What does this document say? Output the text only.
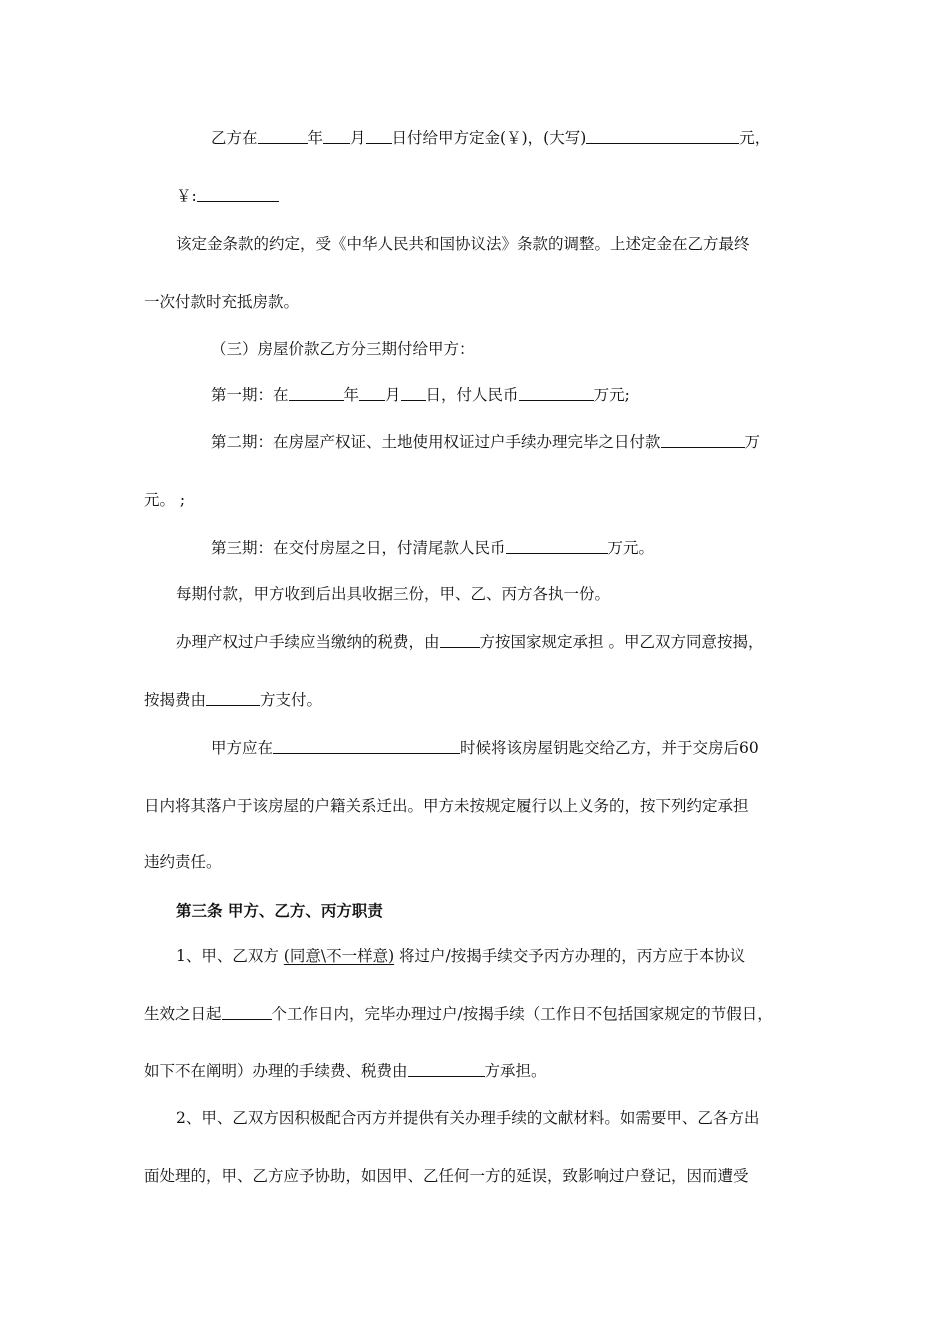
乙方在	年 月 日付给甲方定金(￥)，(大写)	元，
￥:
该定金条款的约定，受《中华人民共和国协议法》条款的调整。上述定金在乙方最终
一次付款时充抵房款。
（三）房屋价款乙方分三期付给甲方：
第一期：在	年 月 日，付人民币	万元;
第二期：在房屋产权证、土地使用权证过户手续办理完毕之日付款	万
元。 ;
第三期：在交付房屋之日，付清尾款人民币	万元。
每期付款，甲方收到后出具收据三份，甲、乙、丙方各执一份。
办理产权过户手续应当缴纳的税费，由	方按国家规定承担 。甲乙双方同意按揭，
按揭费由	方支付。
甲方应在	时候将该房屋钥匙交给乙方，并于交房后60
日内将其落户于该房屋的户籍关系迁出。甲方未按规定履行以上义务的，按下列约定承担
违约责任。
第三条 甲方、乙方、丙方职责
1、甲、乙双方 (同意\不一样意) 将过户/按揭手续交予丙方办理的，丙方应于本协议
生效之日起	个工作日内，完毕办理过户/按揭手续（工作日不包括国家规定的节假日，
如下不在阐明）办理的手续费、税费由	方承担。
2、甲、乙双方因积极配合丙方并提供有关办理手续的文献材料。如需要甲、乙各方出
面处理的，甲、乙方应予协助，如因甲、乙任何一方的延误，致影响过户登记，因而遭受
